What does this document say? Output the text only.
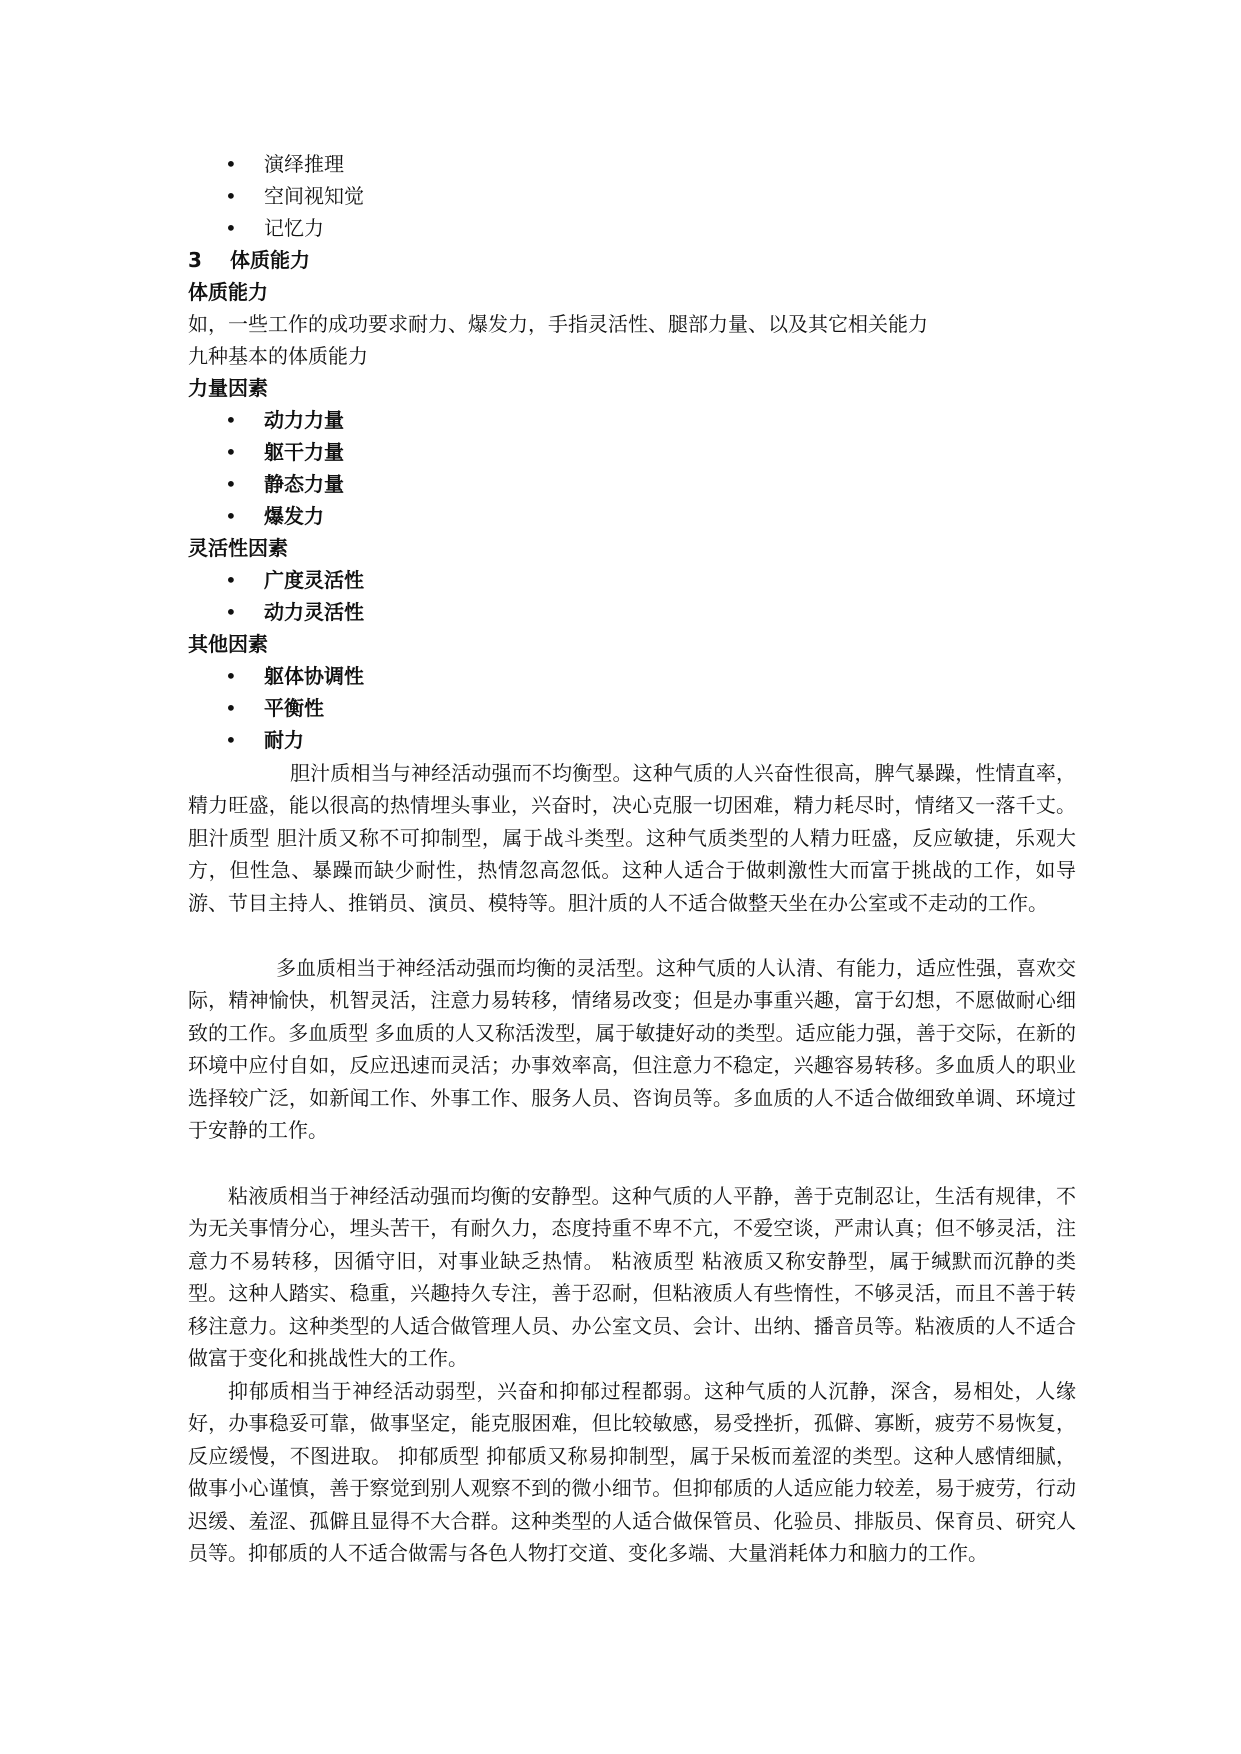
• 演绎推理
• 空间视知觉
• 记忆力
3 体质能力
体质能力
如，一些工作的成功要求耐力、爆发力，手指灵活性、腿部力量、以及其它相关能力
九种基本的体质能力
力量因素
• 动力力量
• 躯干力量
• 静态力量
• 爆发力
灵活性因素
• 广度灵活性
• 动力灵活性
其他因素
• 躯体协调性
• 平衡性
• 耐力

胆汁质相当与神经活动强而不均衡型。这种气质的人兴奋性很高，脾气暴躁，性情直率，精力旺盛，能以很高的热情埋头事业，兴奋时，决心克服一切困难，精力耗尽时，情绪又一落千丈。 胆汁质型 胆汁质又称不可抑制型，属于战斗类型。这种气质类型的人精力旺盛，反应敏捷，乐观大方，但性急、暴躁而缺少耐性，热情忽高忽低。这种人适合于做刺激性大而富于挑战的工作，如导游、节目主持人、推销员、演员、模特等。胆汁质的人不适合做整天坐在办公室或不走动的工作。

多血质相当于神经活动强而均衡的灵活型。这种气质的人认清、有能力，适应性强，喜欢交际，精神愉快，机智灵活，注意力易转移，情绪易改变；但是办事重兴趣，富于幻想，不愿做耐心细致的工作。多血质型 多血质的人又称活泼型，属于敏捷好动的类型。适应能力强，善于交际，在新的环境中应付自如，反应迅速而灵活；办事效率高，但注意力不稳定，兴趣容易转移。多血质人的职业选择较广泛，如新闻工作、外事工作、服务人员、咨询员等。多血质的人不适合做细致单调、环境过于安静的工作。

粘液质相当于神经活动强而均衡的安静型。这种气质的人平静，善于克制忍让，生活有规律，不为无关事情分心，埋头苦干，有耐久力，态度持重不卑不亢，不爱空谈，严肃认真；但不够灵活，注意力不易转移，因循守旧，对事业缺乏热情。 粘液质型 粘液质又称安静型，属于缄默而沉静的类型。这种人踏实、稳重，兴趣持久专注，善于忍耐，但粘液质人有些惰性，不够灵活，而且不善于转移注意力。这种类型的人适合做管理人员、办公室文员、会计、出纳、播音员等。粘液质的人不适合做富于变化和挑战性大的工作。

抑郁质相当于神经活动弱型，兴奋和抑郁过程都弱。这种气质的人沉静，深含，易相处，人缘好，办事稳妥可靠，做事坚定，能克服困难，但比较敏感，易受挫折，孤僻、寡断，疲劳不易恢复，反应缓慢，不图进取。 抑郁质型 抑郁质又称易抑制型，属于呆板而羞涩的类型。这种人感情细腻，做事小心谨慎，善于察觉到别人观察不到的微小细节。但抑郁质的人适应能力较差，易于疲劳，行动迟缓、羞涩、孤僻且显得不大合群。这种类型的人适合做保管员、化验员、排版员、保育员、研究人员等。抑郁质的人不适合做需与各色人物打交道、变化多端、大量消耗体力和脑力的工作。
